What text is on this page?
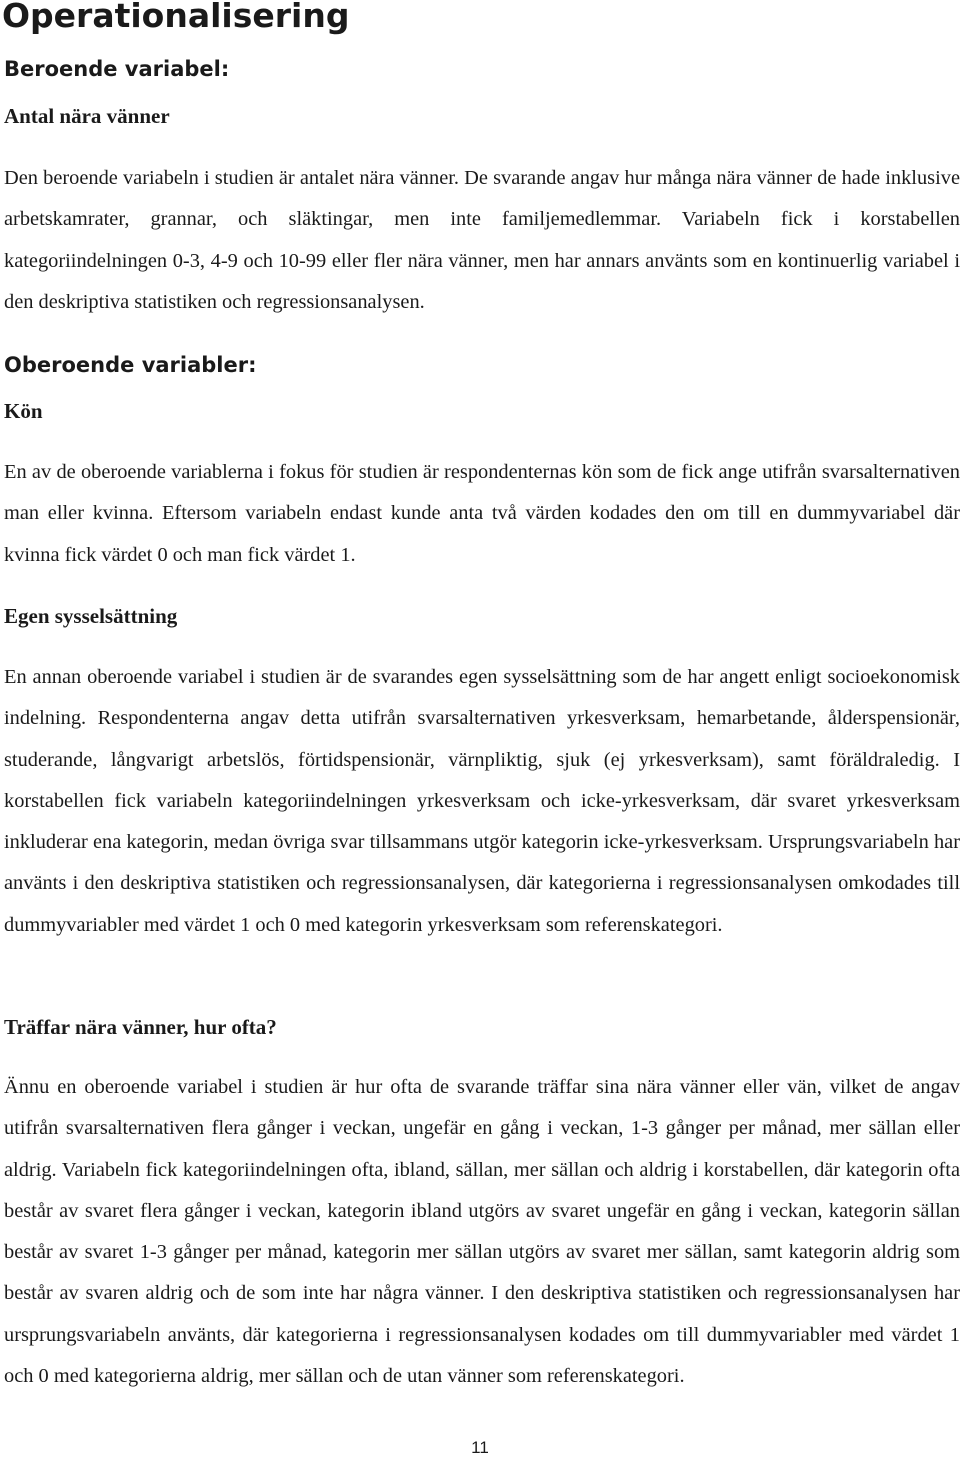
Operationalisering
Beroende variabel:
Antal nära vänner

Den beroende variabeln i studien är antalet nära vänner. De svarande angav hur många nära vänner de hade inklusive arbetskamrater, grannar, och släktingar, men inte familjemedlemmar. Variabeln fick i korstabellen kategoriindelningen 0-3, 4-9 och 10-99 eller fler nära vänner, men har annars använts som en kontinuerlig variabel i den deskriptiva statistiken och regressionsanalysen.

Oberoende variabler:
Kön

En av de oberoende variablerna i fokus för studien är respondenternas kön som de fick ange utifrån svarsalternativen man eller kvinna. Eftersom variabeln endast kunde anta två värden kodades den om till en dummyvariabel där kvinna fick värdet 0 och man fick värdet 1.

Egen sysselsättning

En annan oberoende variabel i studien är de svarandes egen sysselsättning som de har angett enligt socioekonomisk indelning. Respondenterna angav detta utifrån svarsalternativen yrkesverksam, hemarbetande, ålderspensionär, studerande, långvarigt arbetslös, förtidspensionär, värnpliktig, sjuk (ej yrkesverksam), samt föräldraledig. I korstabellen fick variabeln kategoriindelningen yrkesverksam och icke-yrkesverksam, där svaret yrkesverksam inkluderar ena kategorin, medan övriga svar tillsammans utgör kategorin icke-yrkesverksam. Ursprungsvariabeln har använts i den deskriptiva statistiken och regressionsanalysen, där kategorierna i regressionsanalysen omkodades till dummyvariabler med värdet 1 och 0 med kategorin yrkesverksam som referenskategori.

Träffar nära vänner, hur ofta?

Ännu en oberoende variabel i studien är hur ofta de svarande träffar sina nära vänner eller vän, vilket de angav utifrån svarsalternativen flera gånger i veckan, ungefär en gång i veckan, 1-3 gånger per månad, mer sällan eller aldrig. Variabeln fick kategoriindelningen ofta, ibland, sällan, mer sällan och aldrig i korstabellen, där kategorin ofta består av svaret flera gånger i veckan, kategorin ibland utgörs av svaret ungefär en gång i veckan, kategorin sällan består av svaret 1-3 gånger per månad, kategorin mer sällan utgörs av svaret mer sällan, samt kategorin aldrig som består av svaren aldrig och de som inte har några vänner. I den deskriptiva statistiken och regressionsanalysen har ursprungsvariabeln använts, där kategorierna i regressionsanalysen kodades om till dummyvariabler med värdet 1 och 0 med kategorierna aldrig, mer sällan och de utan vänner som referenskategori.

11
